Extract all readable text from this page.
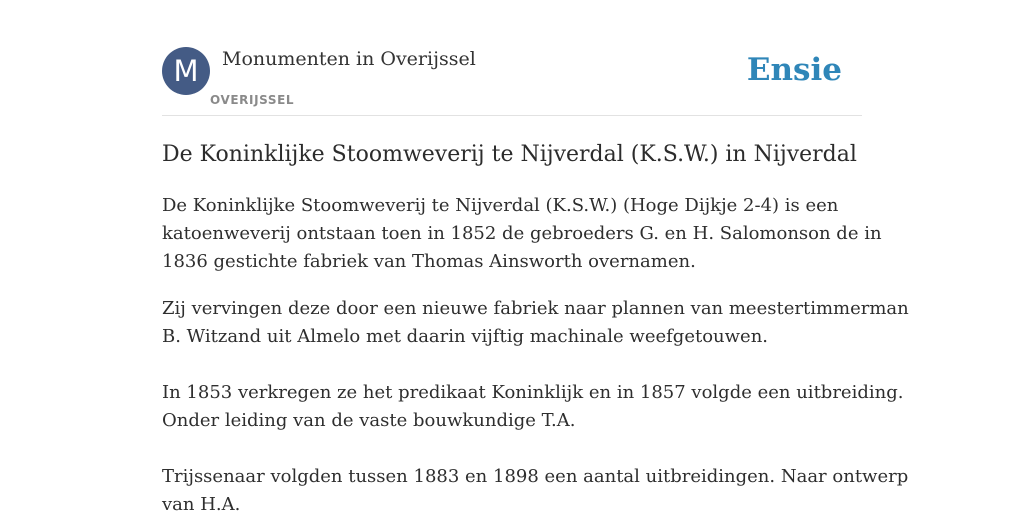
M	Monumenten in Overijssel
OVERIJSSEL
Ensie
De Koninklijke Stoomweverij te Nijverdal (K.S.W.) in Nijverdal

De Koninklijke Stoomweverij te Nijverdal (K.S.W.) (Hoge Dijkje 2-4) is een
katoenweverij ontstaan toen in 1852 de gebroeders G. en H. Salomonson de in
1836 gestichte fabriek van Thomas Ainsworth overnamen.

Zij vervingen deze door een nieuwe fabriek naar plannen van meestertimmerman
B. Witzand uit Almelo met daarin vijftig machinale weefgetouwen.

In 1853 verkregen ze het predikaat Koninklijk en in 1857 volgde een uitbreiding.
Onder leiding van de vaste bouwkundige T.A.

Trijssenaar volgden tussen 1883 en 1898 een aantal uitbreidingen. Naar ontwerp
van H.A.
